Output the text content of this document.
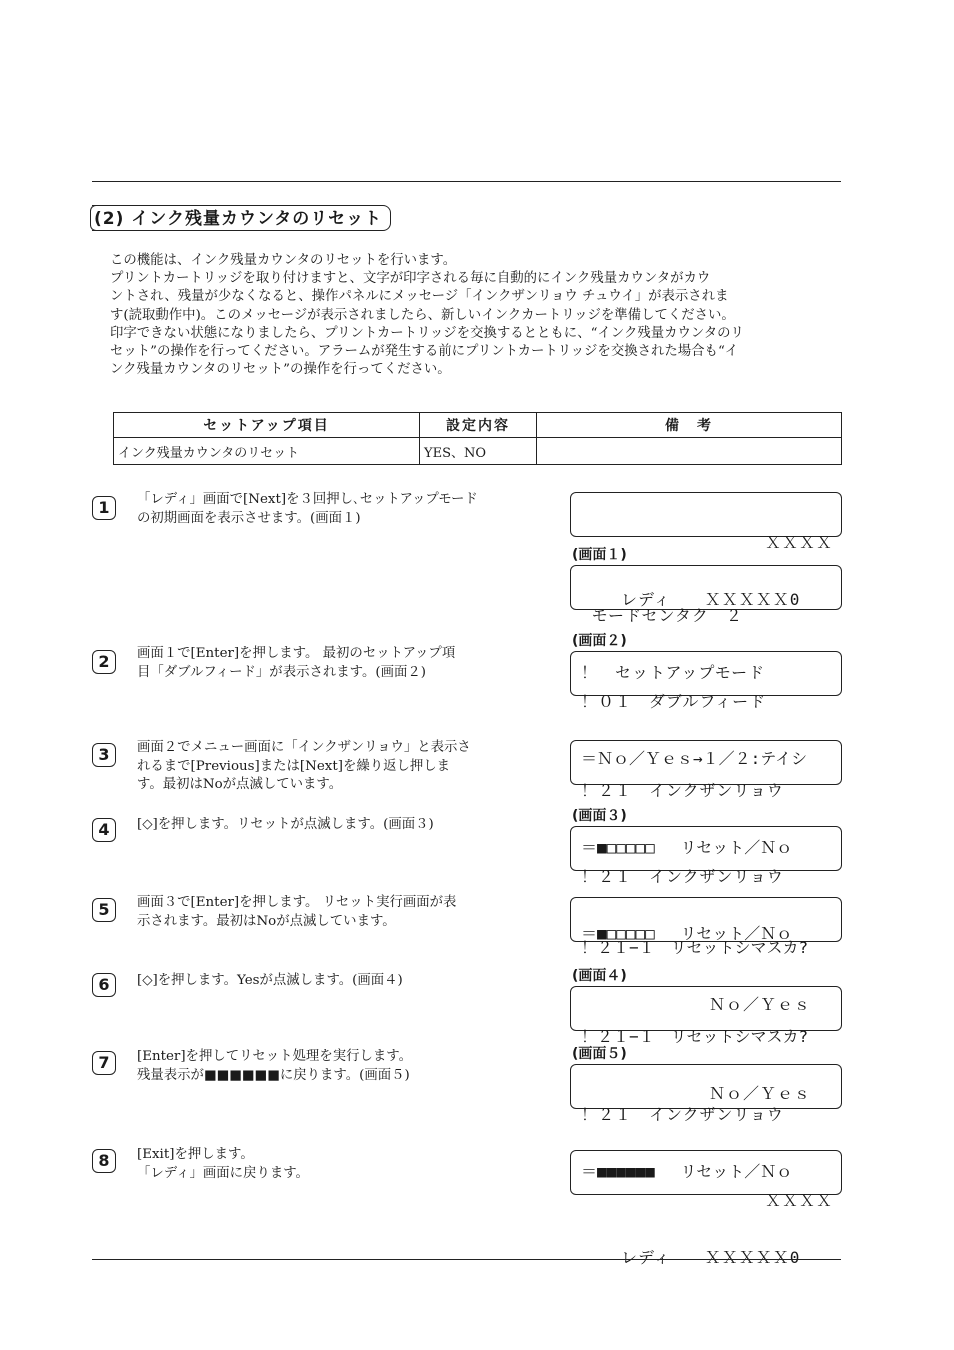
(2) インク残量カウンタのリセット

この機能は、インク残量カウンタのリセットを行います。

プリントカートリッジを取り付けますと、文字が印字される毎に自動的にインク残量カウンタがカウ

ントされ、残量が少なくなると、操作パネルにメッセージ「インクザンリョウ チュウイ」が表示されま

す(読取動作中)。このメッセージが表示されましたら、新しいインクカートリッジを準備してください。

印字できない状態になりましたら、プリントカートリッジを交換するとともに、“インク残量カウンタのリ

セット”の操作を行ってください。アラームが発生する前にプリントカートリッジを交換された場合も“イ

ンク残量カウンタのリセット”の操作を行ってください。

セットアップ項目	設定内容	備　考
インク残量カウンタのリセット	YES、NO	
1	「レディ」画面で[Next]を３回押し､セットアップモード

の初期画面を表示させます。(画面１)

2	画面１で[Enter]を押します。 最初のセットアップ項

目「ダブルフィード」が表示されます。(画面２)

3	画面２でメニュー画面に「インクザンリョウ」と表示さ

れるまで[Previous]または[Next]を繰り返し押しま

す。最初はNoが点滅しています。

4	[◇]を押します。リセットが点滅します。(画面３)

5	画面３で[Enter]を押します。 リセット実行画面が表

示されます。最初はNoが点滅しています。

6	[◇]を押します。Yesが点滅します。(画面４)

7	[Enter]を押してリセット処理を実行します。

残量表示が■■■■■■に戻ります。(画面５)

8	[Exit]を押します。

「レディ」画面に戻ります。

ＸＸＸＸ

レディ　　ＸＸＸＸＸ0

(画面１)

モードセンタク　２

！　セットアップモード

(画面２)

！０１　ダブルフィード

＝Ｎｏ／Ｙｅｓ→１／２:テイシ

！２１　インクザンリョウ

＝■□□□□□　 リセット／Ｎｏ

(画面３)

！２１　インクザンリョウ

＝■□□□□□　 リセット／Ｎｏ

！２１−１　リセットシマスカ?

Ｎｏ／Ｙｅｓ

(画面４)

！２１−１　リセットシマスカ?

Ｎｏ／Ｙｅｓ

(画面５)

！２１　インクザンリョウ

＝■■■■■■　 リセット／Ｎｏ

ＸＸＸＸ

レディ　　ＸＸＸＸＸ0
